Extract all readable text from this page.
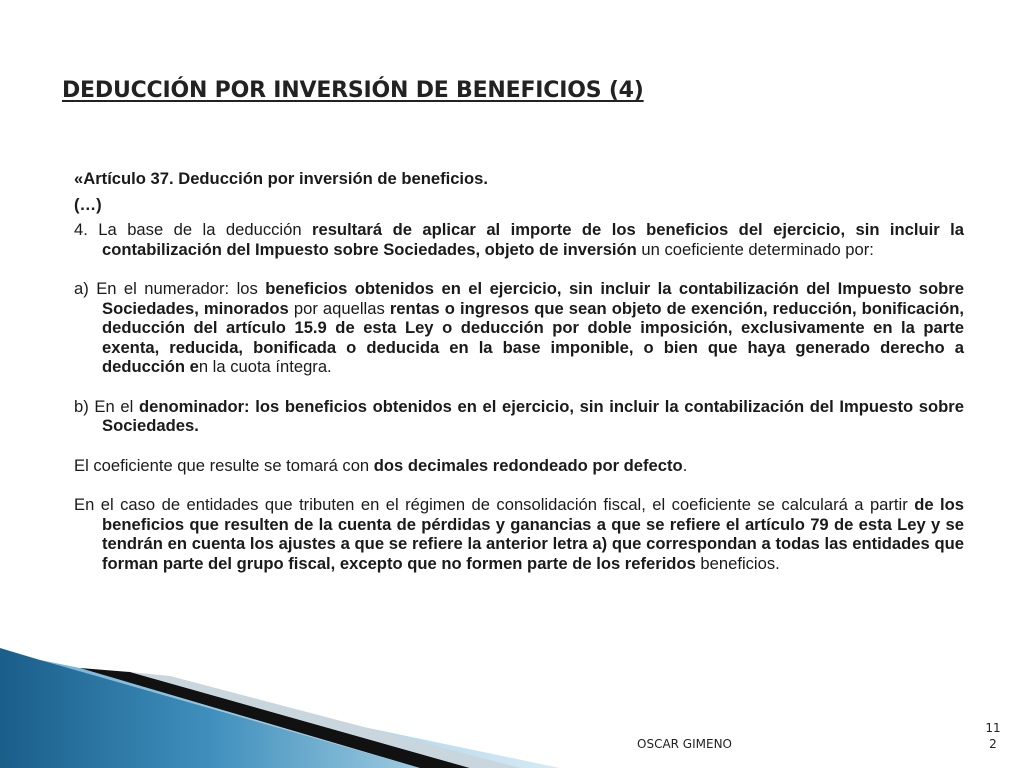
DEDUCCIÓN POR INVERSIÓN DE BENEFICIOS (4)

«Artículo 37. Deducción por inversión de beneficios.

(…)

4. La base de la deducción resultará de aplicar al importe de los beneficios del ejercicio, sin incluir la contabilización del Impuesto sobre Sociedades, objeto de inversión un coeficiente determinado por:

a) En el numerador: los beneficios obtenidos en el ejercicio, sin incluir la contabilización del Impuesto sobre Sociedades, minorados por aquellas rentas o ingresos que sean objeto de exención, reducción, bonificación, deducción del artículo 15.9 de esta Ley o deducción por doble imposición, exclusivamente en la parte exenta, reducida, bonificada o deducida en la base imponible, o bien que haya generado derecho a deducción en la cuota íntegra.

b) En el denominador: los beneficios obtenidos en el ejercicio, sin incluir la contabilización del Impuesto sobre Sociedades.

El coeficiente que resulte se tomará con dos decimales redondeado por defecto.

En el caso de entidades que tributen en el régimen de consolidación fiscal, el coeficiente se calculará a partir de los beneficios que resulten de la cuenta de pérdidas y ganancias a que se refiere el artículo 79 de esta Ley y se tendrán en cuenta los ajustes a que se refiere la anterior letra a) que correspondan a todas las entidades que forman parte del grupo fiscal, excepto que no formen parte de los referidos beneficios.

OSCAR GIMENO
11
2
